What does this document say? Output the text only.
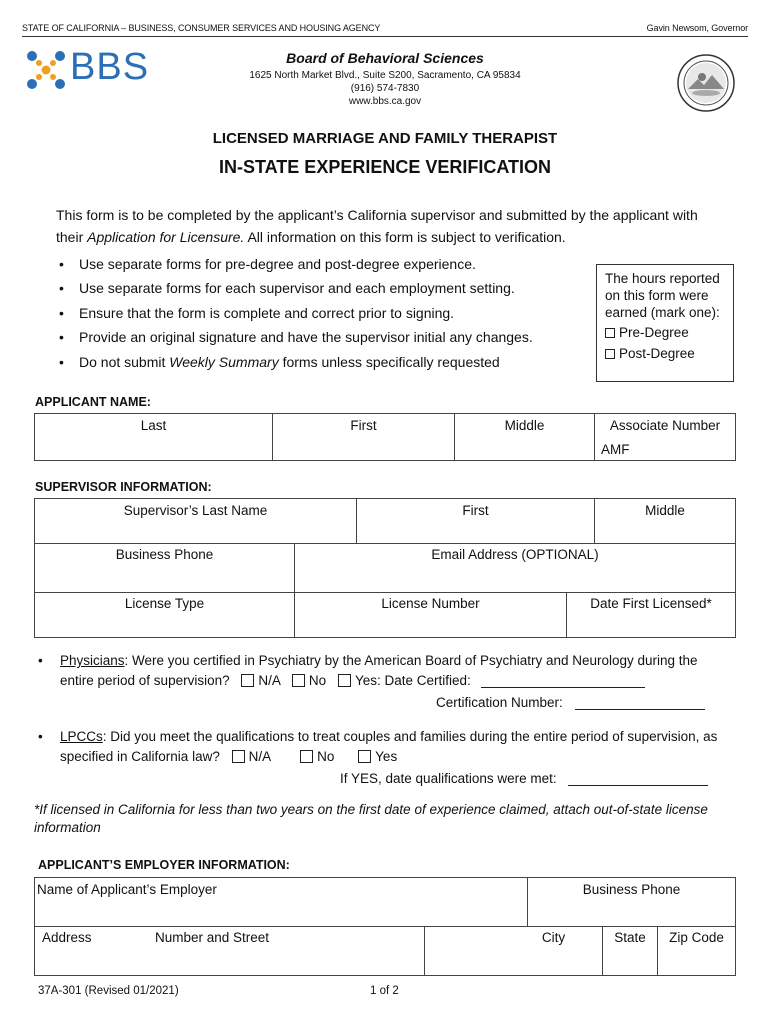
STATE OF CALIFORNIA – BUSINESS, CONSUMER SERVICES AND HOUSING AGENCY	Gavin Newsom, Governor
BBS	Board of Behavioral Sciences
1625 North Market Blvd., Suite S200, Sacramento, CA 95834
(916) 574-7830
www.bbs.ca.gov
LICENSED MARRIAGE AND FAMILY THERAPIST
IN-STATE EXPERIENCE VERIFICATION
This form is to be completed by the applicant’s California supervisor and submitted by the applicant with their Application for Licensure. All information on this form is subject to verification.
• Use separate forms for pre-degree and post-degree experience.
• Use separate forms for each supervisor and each employment setting.
• Ensure that the form is complete and correct prior to signing.
• Provide an original signature and have the supervisor initial any changes.
• Do not submit Weekly Summary forms unless specifically requested
The hours reported on this form were earned (mark one):
Pre-Degree
Post-Degree
APPLICANT NAME:
Last	First	Middle	Associate Number
AMF
SUPERVISOR INFORMATION:
Supervisor’s Last Name	First	Middle
Business Phone	Email Address (OPTIONAL)
License Type	License Number	Date First Licensed*
• Physicians: Were you certified in Psychiatry by the American Board of Psychiatry and Neurology during the entire period of supervision? N/A No Yes: Date Certified:
Certification Number:
• LPCCs: Did you meet the qualifications to treat couples and families during the entire period of supervision, as specified in California law? N/A	No	Yes
If YES, date qualifications were met:
*If licensed in California for less than two years on the first date of experience claimed, attach out-of-state license information
APPLICANT’S EMPLOYER INFORMATION:
Name of Applicant’s Employer	Business Phone
Address	Number and Street	City	State	Zip Code
37A-301 (Revised 01/2021)	1 of 2
